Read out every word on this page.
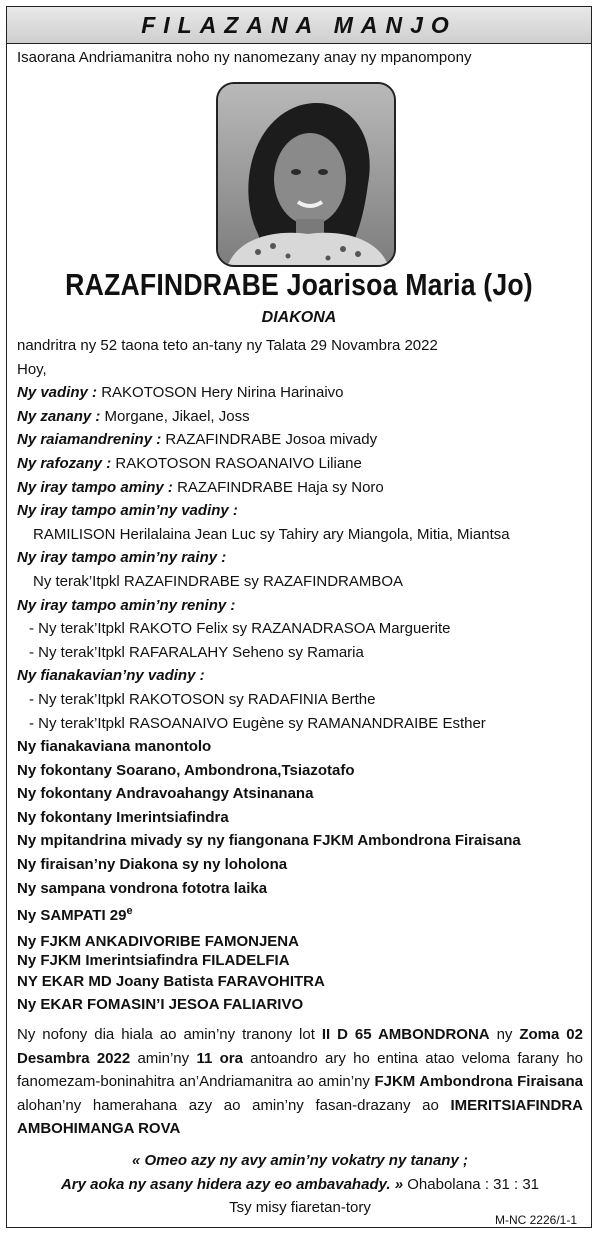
FILAZANA MANJO
Isaorana Andriamanitra noho ny nanomezany anay ny mpanompony
RAZAFINDRABE Joarisoa Maria (Jo)
DIAKONA
nandritra ny 52 taona teto an-tany ny Talata 29 Novambra 2022
Hoy,
Ny vadiny : RAKOTOSON Hery Nirina Harinaivo
Ny zanany : Morgane, Jikael, Joss
Ny raiamandreniny : RAZAFINDRABE Josoa mivady
Ny rafozany : RAKOTOSON RASOANAIVO Liliane
Ny iray tampo aminy : RAZAFINDRABE Haja sy Noro
Ny iray tampo amin’ny vadiny :
RAMILISON Herilalaina Jean Luc sy Tahiry ary Miangola, Mitia, Miantsa
Ny iray tampo amin’ny rainy :
Ny terak’Itpkl RAZAFINDRABE sy RAZAFINDRAMBOA
Ny iray tampo amin’ny reniny :
- Ny terak’Itpkl RAKOTO Felix sy RAZANADRASOA Marguerite
- Ny terak’Itpkl RAFARALAHY Seheno sy Ramaria
Ny fianakavian’ny vadiny :
- Ny terak’Itpkl RAKOTOSON sy RADAFINIA Berthe
- Ny terak’Itpkl RASOANAIVO Eugène sy RAMANANDRAIBE Esther
Ny fianakaviana manontolo
Ny fokontany Soarano, Ambondrona,Tsiazotafo
Ny fokontany Andravoahangy Atsinanana
Ny fokontany Imerintsiafindra
Ny mpitandrina mivady sy ny fiangonana FJKM Ambondrona Firaisana
Ny firaisan’ny Diakona sy ny loholona
Ny sampana vondrona fototra laika
Ny SAMPATI 29e
Ny FJKM ANKADIVORIBE FAMONJENA
Ny FJKM Imerintsiafindra FILADELFIA
NY EKAR MD Joany Batista FARAVOHITRA
Ny EKAR FOMASIN’I JESOA FALIARIVO
Ny nofony dia hiala ao amin’ny tranony lot II D 65 AMBONDRONA ny Zoma 02 Desambra 2022 amin’ny 11 ora antoandro ary ho entina atao veloma farany ho fanomezam-boninahitra an’Andriamanitra ao amin’ny FJKM Ambondrona Firaisana alohan’ny hamerahana azy ao amin’ny fasan-drazany ao IMERITSIAFINDRA AMBOHIMANGA ROVA
« Omeo azy ny avy amin’ny vokatry ny tanany ;
Ary aoka ny asany hidera azy eo ambavahady. » Ohabolana : 31 : 31
Tsy misy fiaretan-tory
M-NC 2226/1-1
